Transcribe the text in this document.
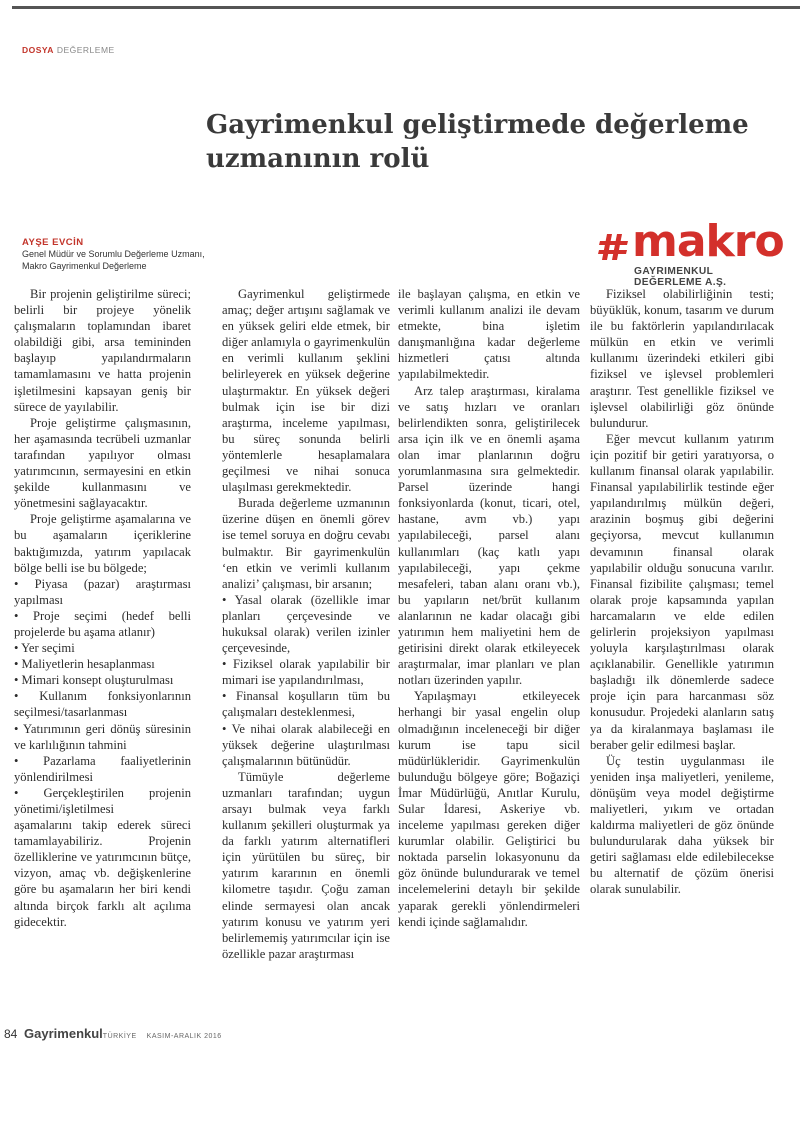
DOSYA DEĞERLEME
Gayrimenkul geliştirmede değerleme uzmanının rolü
AYŞE EVCİN
Genel Müdür ve Sorumlu Değerleme Uzmanı,
Makro Gayrimenkul Değerleme	makro
GAYRIMENKUL DEĞERLEME A.Ş.

Bir projenin geliştirilme süreci; belirli bir projeye yönelik çalışmaların toplamından ibaret olabildiği gibi, arsa temininden başlayıp yapılandırmaların tamamlamasını ve hatta projenin işletilmesini kapsayan geniş bir sürece de yayılabilir.

Proje geliştirme çalışmasının, her aşamasında tecrübeli uzmanlar tarafından yapılıyor olması yatırımcının, sermayesini en etkin şekilde kullanmasını ve yönetmesini sağlayacaktır.

Proje geliştirme aşamalarına ve bu aşamaların içeriklerine baktığımızda, yatırım yapılacak bölge belli ise bu bölgede;

• Piyasa (pazar) araştırması yapılması

• Proje seçimi (hedef belli projelerde bu aşama atlanır)

• Yer seçimi

• Maliyetlerin hesaplanması

• Mimari konsept oluşturulması

• Kullanım fonksiyonlarının seçilmesi/tasarlanması

• Yatırımının geri dönüş süresinin ve karlılığının tahmini

• Pazarlama faaliyetlerinin yönlendirilmesi

• Gerçekleştirilen projenin yönetimi/işletilmesi

aşamalarını takip ederek süreci tamamlayabiliriz. Projenin özelliklerine ve yatırımcının bütçe, vizyon, amaç vb. değişkenlerine göre bu aşamaların her biri kendi altında birçok farklı alt açılıma gidecektir.

Gayrimenkul geliştirmede amaç; değer artışını sağlamak ve en yüksek geliri elde etmek, bir diğer anlamıyla o gayrimenkulün en verimli kullanım şeklini belirleyerek en yüksek değerine ulaştırmaktır. En yüksek değeri bulmak için ise bir dizi araştırma, inceleme yapılması, bu süreç sonunda belirli yöntemlerle hesaplamalara geçilmesi ve nihai sonuca ulaşılması gerekmektedir.

Burada değerleme uzmanının üzerine düşen en önemli görev ise temel soruya en doğru cevabı bulmaktır. Bir gayrimenkulün ‘en etkin ve verimli kullanım analizi’ çalışması, bir arsanın;

• Yasal olarak (özellikle imar planları çerçevesinde ve hukuksal olarak) verilen izinler çerçevesinde,

• Fiziksel olarak yapılabilir bir mimari ise yapılandırılması,

• Finansal koşulların tüm bu çalışmaları desteklenmesi,

• Ve nihai olarak alabileceği en yüksek değerine ulaştırılması çalışmalarının bütünüdür.

Tümüyle değerleme uzmanları tarafından; uygun arsayı bulmak veya farklı kullanım şekilleri oluşturmak ya da farklı yatırım alternatifleri için yürütülen bu süreç, bir yatırım kararının en önemli kilometre taşıdır. Çoğu zaman elinde sermayesi olan ancak yatırım konusu ve yatırım yeri belirlememiş yatırımcılar için ise özellikle pazar araştırması

ile başlayan çalışma, en etkin ve verimli kullanım analizi ile devam etmekte, bina işletim danışmanlığına kadar değerleme hizmetleri çatısı altında yapılabilmektedir.

Arz talep araştırması, kiralama ve satış hızları ve oranları belirlendikten sonra, geliştirilecek arsa için ilk ve en önemli aşama olan imar planlarının doğru yorumlanmasına sıra gelmektedir. Parsel üzerinde hangi fonksiyonlarda (konut, ticari, otel, hastane, avm vb.) yapı yapılabileceği, parsel alanı kullanımları (kaç katlı yapı yapılabileceği, yapı çekme mesafeleri, taban alanı oranı vb.), bu yapıların net/brüt kullanım alanlarının ne kadar olacağı gibi yatırımın hem maliyetini hem de getirisini direkt olarak etkileyecek araştırmalar, imar planları ve plan notları üzerinden yapılır.

Yapılaşmayı etkileyecek herhangi bir yasal engelin olup olmadığının inceleneceği bir diğer kurum ise tapu sicil müdürlükleridir. Gayrimenkulün bulunduğu bölgeye göre; Boğaziçi İmar Müdürlüğü, Anıtlar Kurulu, Sular İdaresi, Askeriye vb. inceleme yapılması gereken diğer kurumlar olabilir. Geliştirici bu noktada parselin lokasyonunu da göz önünde bulundurarak ve temel incelemelerini detaylı bir şekilde yaparak gerekli yönlendirmeleri kendi içinde sağlamalıdır.

Fiziksel olabilirliğinin testi; büyüklük, konum, tasarım ve durum ile bu faktörlerin yapılandırılacak mülkün en etkin ve verimli kullanımı üzerindeki etkileri gibi fiziksel ve işlevsel problemleri araştırır. Test genellikle fiziksel ve işlevsel olabilirliği göz önünde bulundurur.

Eğer mevcut kullanım yatırım için pozitif bir getiri yaratıyorsa, o kullanım finansal olarak yapılabilir. Finansal yapılabilirlik testinde eğer yapılandırılmış mülkün değeri, arazinin boşmuş gibi değerini geçiyorsa, mevcut kullanımın devamının finansal olarak yapılabilir olduğu sonucuna varılır. Finansal fizibilite çalışması; temel olarak proje kapsamında yapılan harcamaların ve elde edilen gelirlerin projeksiyon yapılması yoluyla karşılaştırılması olarak açıklanabilir. Genellikle yatırımın başladığı ilk dönemlerde sadece proje için para harcanması söz konusudur. Projedeki alanların satış ya da kiralanmaya başlaması ile beraber gelir edilmesi başlar.

Üç testin uygulanması ile yeniden inşa maliyetleri, yenileme, dönüşüm veya model değiştirme maliyetleri, yıkım ve ortadan kaldırma maliyetleri de göz önünde bulundurularak daha yüksek bir getiri sağlaması elde edilebilecekse bu alternatif de çözüm önerisi olarak sunulabilir.

84 GayrimenkulTÜRKİYE KASIM-ARALIK 2016
